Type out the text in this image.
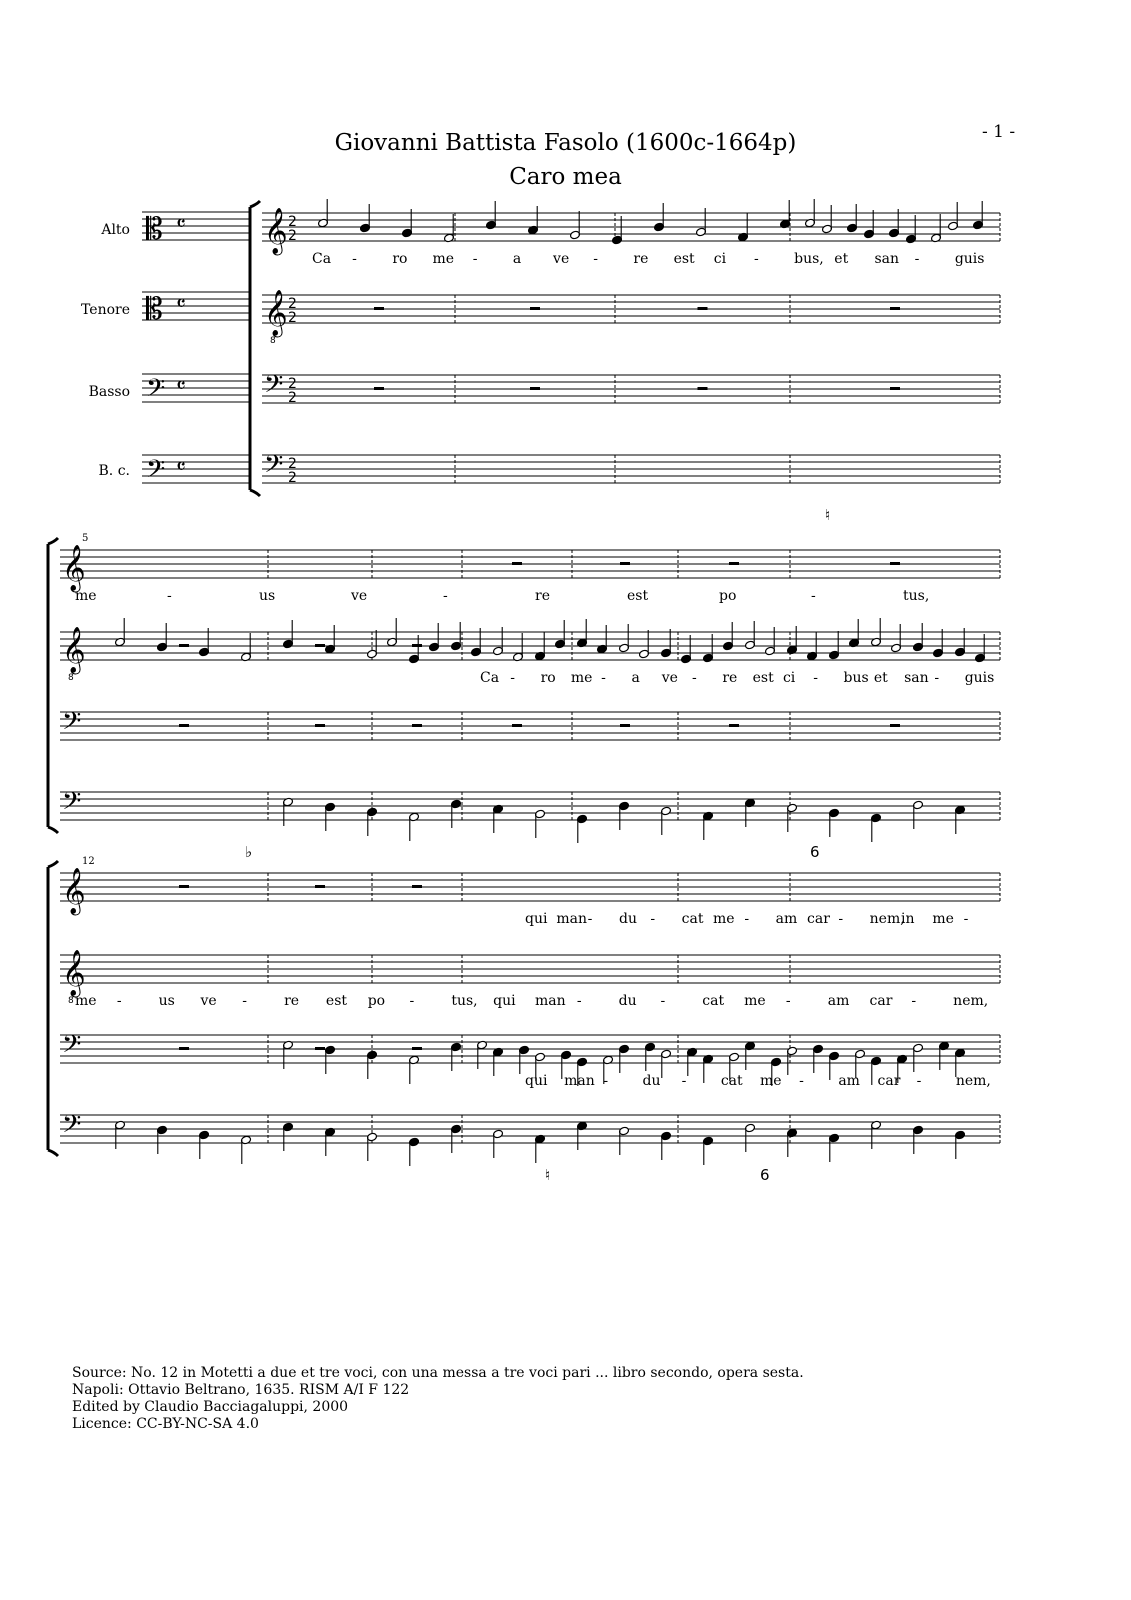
- 1 -
Giovanni Battista Fasolo (1600c-1664p)
Caro mea
Alto
Tenore
Basso
B. c.
𝄡 𝄴
𝄡 𝄴
𝄢 𝄴
𝄢 𝄴
𝄞 2
2
𝄞
8
2
2
𝄢 2
2
𝄢 2
2
𝄞
𝄞
8
𝄢
𝄢
𝄞
𝄞
8
𝄢
𝄢
Ca -	ro me -	a ve -	re est ci -	bus, et san -	guis
♮
5
me	-	us	ve	-	re	est	po	-	tus,
Ca - ro me - a ve - re est ci - bus et san - guis
♭	6
12
qui man - du - cat me - am car - nem,
in me -
me -	us ve -	re est po -	tus, qui man -	du -	cat me -	am car -	nem,
qui man - du - cat me - am car - nem,
♮	6
Source: No. 12 in Motetti a due et tre voci, con una messa a tre voci pari ... libro secondo, opera sesta.
Napoli: Ottavio Beltrano, 1635. RISM A/I F 122
Edited by Claudio Bacciagaluppi, 2000
Licence: CC-BY-NC-SA 4.0
